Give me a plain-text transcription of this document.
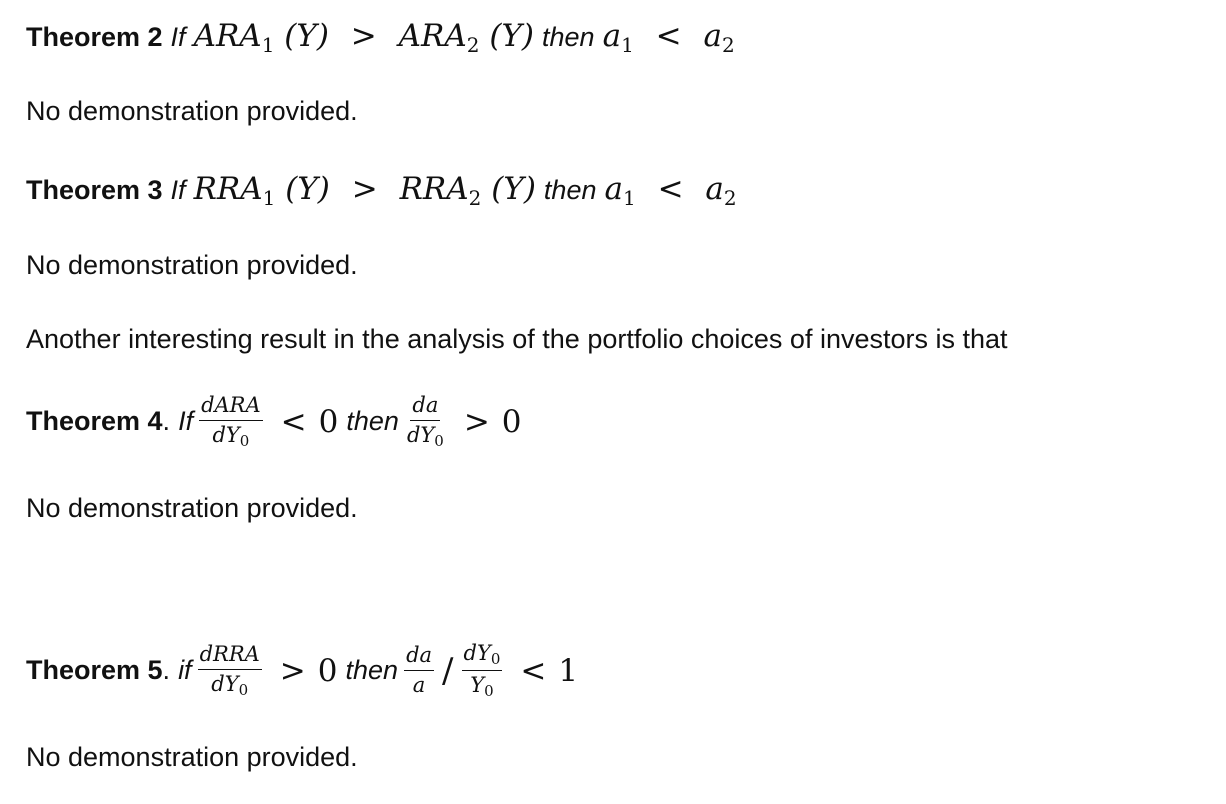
Theorem 2 If $ARA_1$ $(Y) > ARA_2$ (Y) then $a_1 < a_2$
No demonstration provided.
Theorem 3 If $RRA_1$ $(Y) > RRA_2$ (Y) then $a_1 < a_2$
No demonstration provided.
Another interesting result in the analysis of the portfolio choices of investors is that
Theorem 4 . If $\frac{\text{dARA}}{dY_0} < 0$ then $\frac{da}{dY_0} > 0$
No demonstration provided.
Theorem 5 . if $\frac{\text{dRRA}}{dY_0} > 0$ then $\frac{da}{a} / \frac{dY_0}{Y_0} < 1$
No demonstration provided.
